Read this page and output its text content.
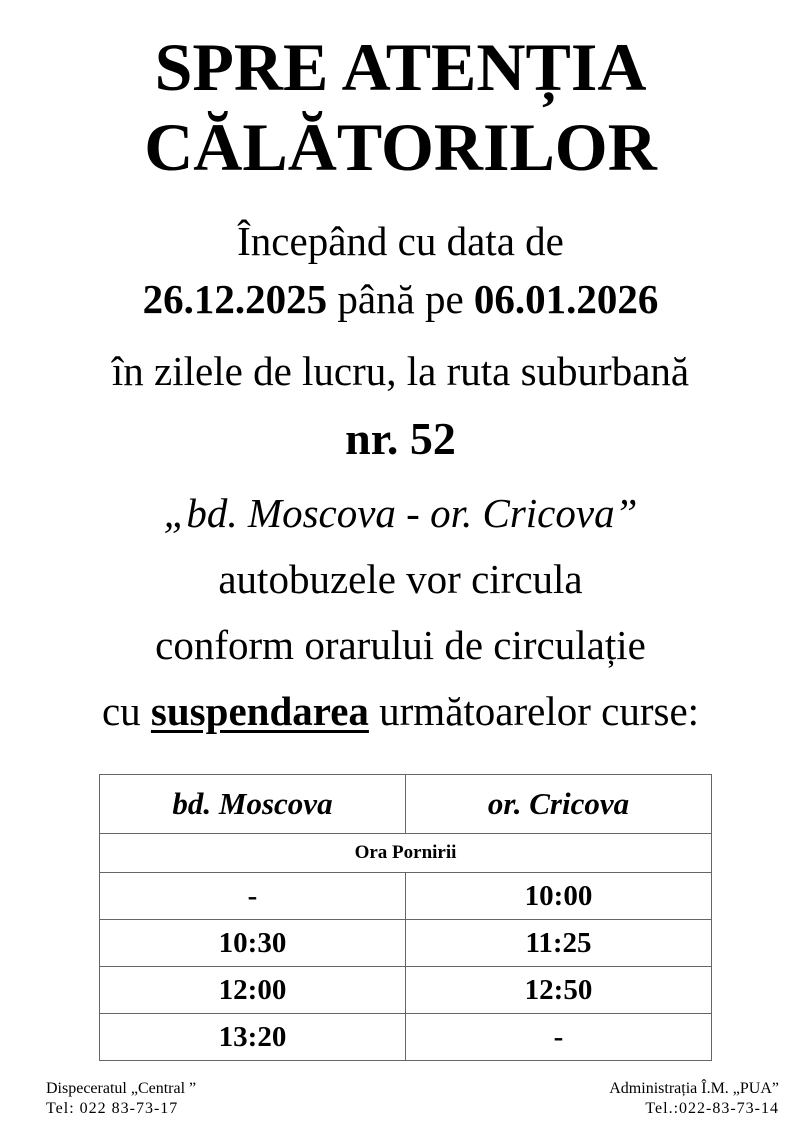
SPRE ATENȚIA
CĂLĂTORILOR
Începând cu data de
26.12.2025 până pe 06.01.2026
în zilele de lucru, la ruta suburbană
nr. 52
„bd. Moscova - or. Cricova”
autobuzele vor circula
conform orarului de circulație
cu suspendarea următoarelor curse:
bd. Moscova	or. Cricova
Ora Pornirii	
-	10:00
10:30	11:25
12:00	12:50
13:20	-
Dispeceratul „Central ”
Tel: 022 83-73-17
Administrația Î.M. „PUA”
Tel.:022-83-73-14
